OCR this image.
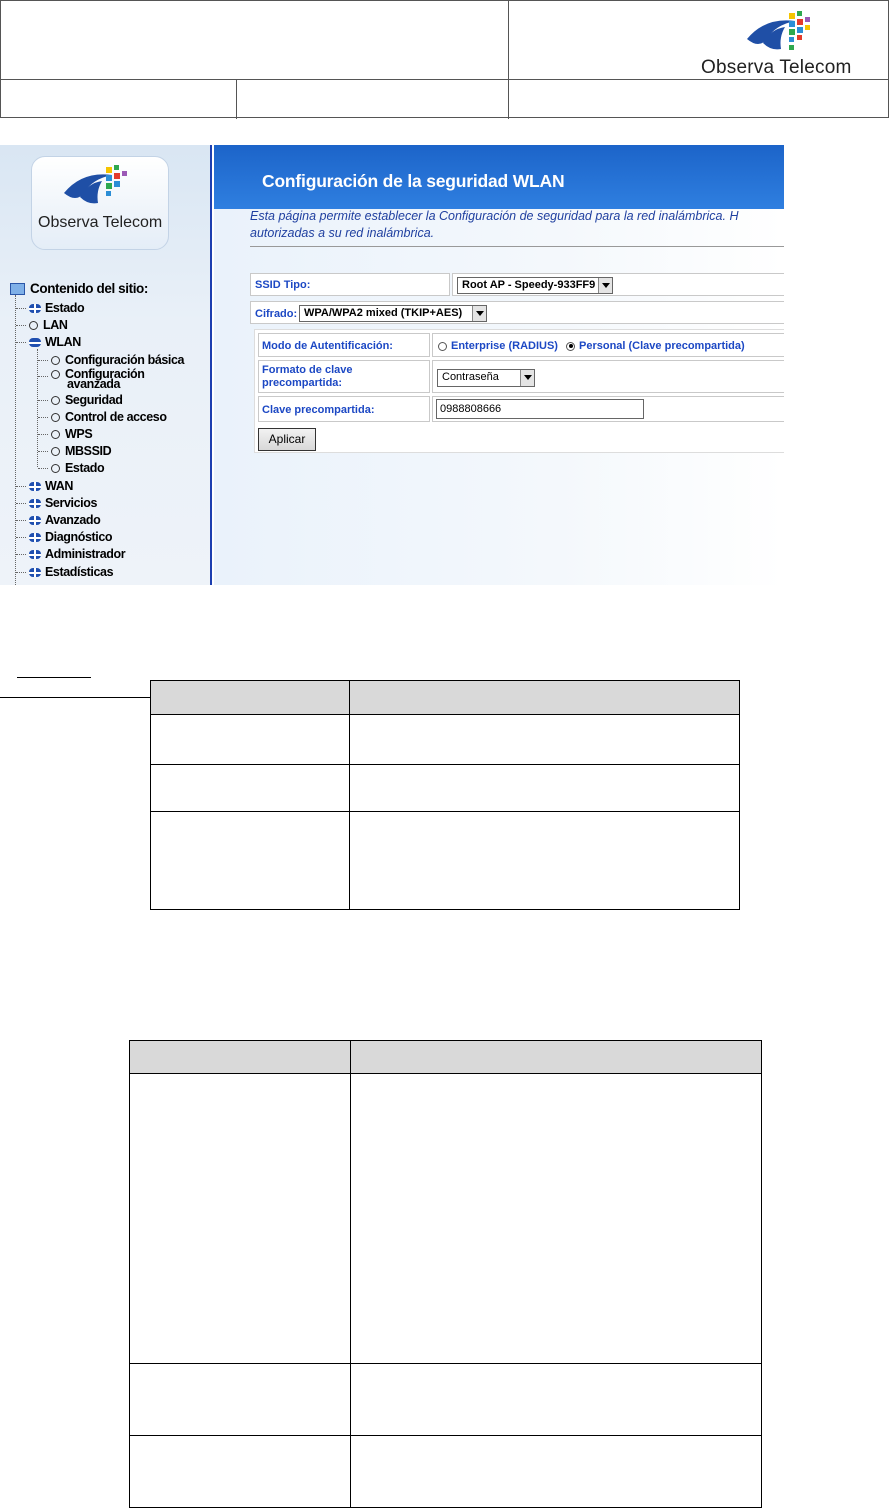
Observa Telecom
Observa Telecom
Contenido del sitio:
Estado
LAN
WLAN
Configuración básica
Configuración
avanzada
Seguridad
Control de acceso
WPS
MBSSID
Estado
WAN
Servicios
Avanzado
Diagnóstico
Administrador
Estadísticas
Configuración de la seguridad WLAN
Esta página permite establecer la Configuración de seguridad para la red inalámbrica. H
autorizadas a su red inalámbrica.
SSID Tipo:	Root AP - Speedy-933FF9
Cifrado: WPA/WPA2 mixed (TKIP+AES)
Modo de Autentificación:	Enterprise (RADIUS)	Personal (Clave precompartida)
Formato de clave
precompartida:	Contraseña
Clave precompartida:	0988808666
Aplicar
